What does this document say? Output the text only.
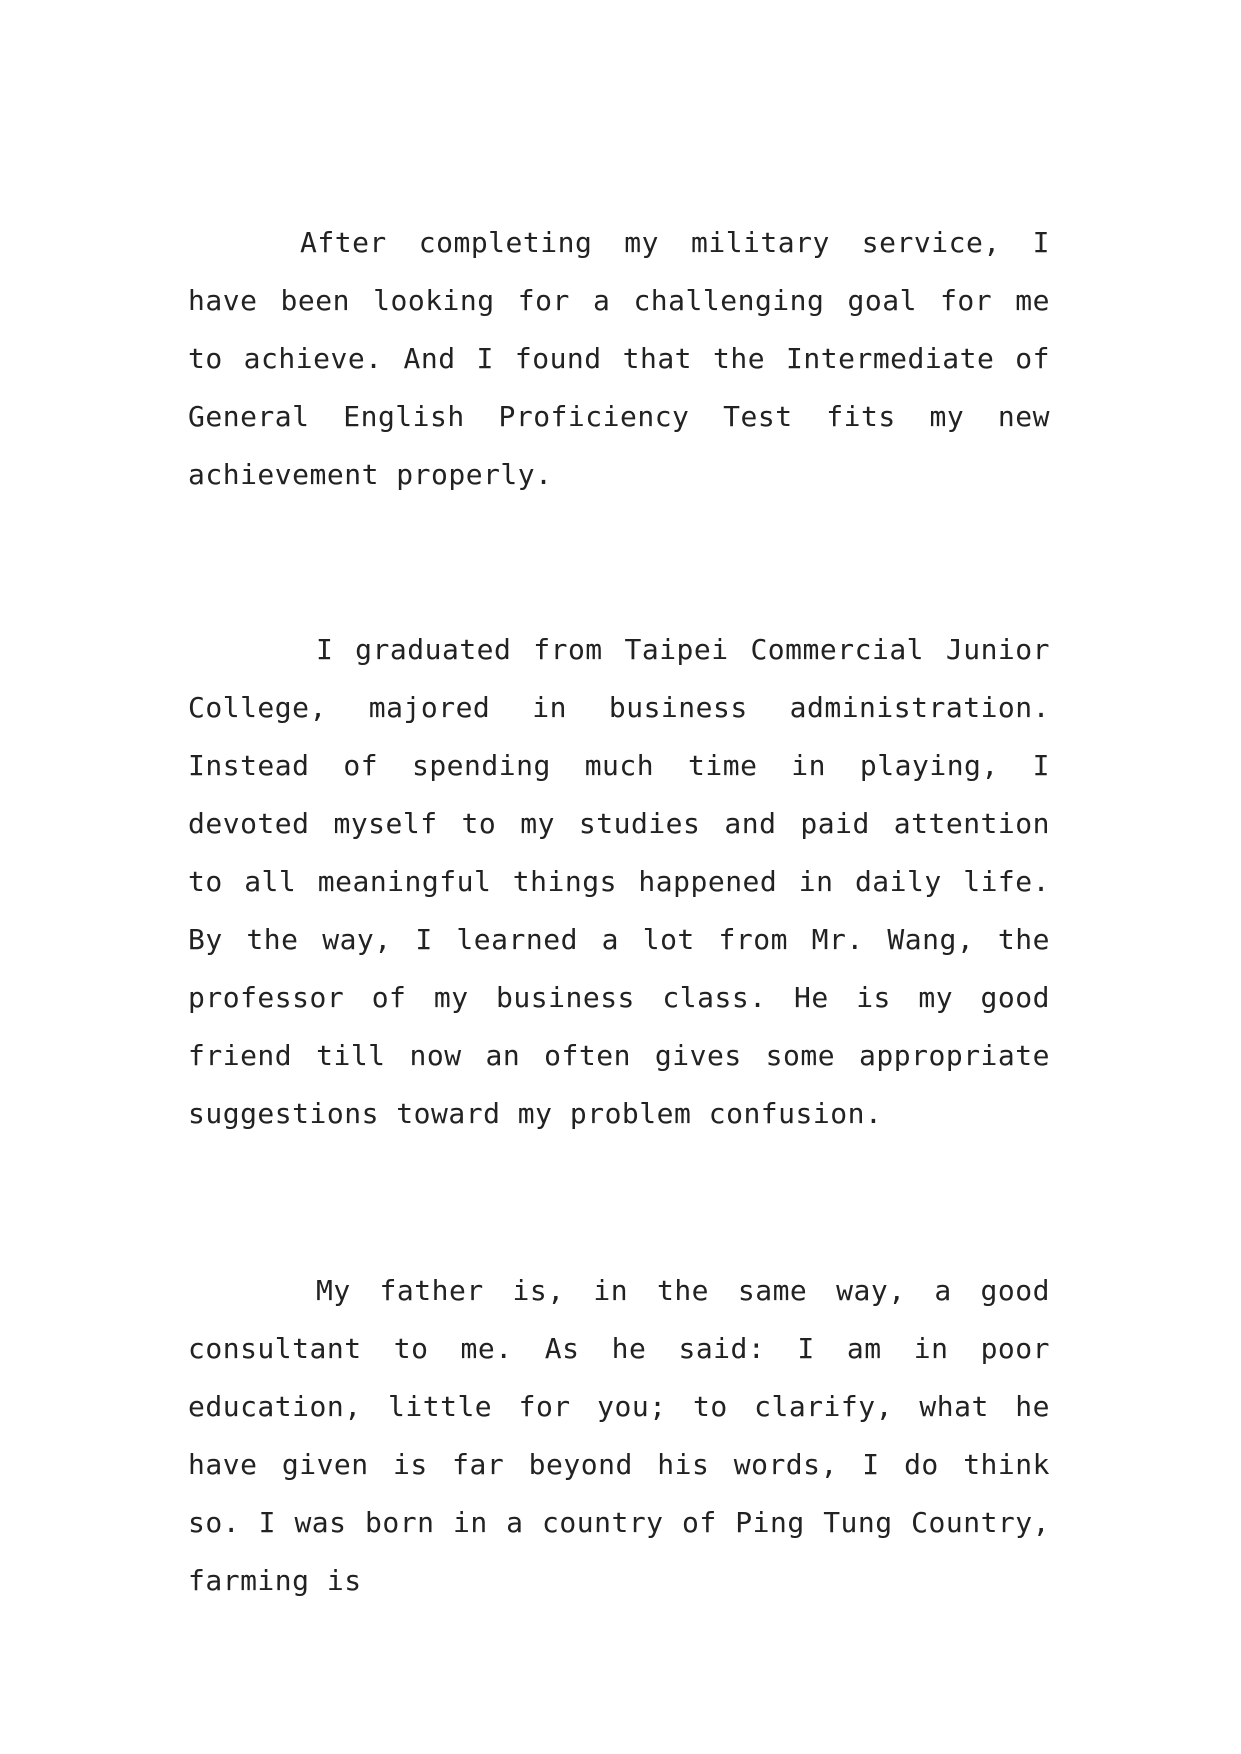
After completing my military service, I have been looking for a challenging goal for me to achieve. And I found that the Intermediate of General English Proficiency Test fits my new achievement properly.

I graduated from Taipei Commercial Junior College, majored in business administration. Instead of spending much time in playing, I devoted myself to my studies and paid attention to all meaningful things happened in daily life. By the way, I learned a lot from Mr. Wang, the professor of my business class. He is my good friend till now an often gives some appropriate suggestions toward my problem confusion.

My father is, in the same way, a good consultant to me. As he said: I am in poor education, little for you; to clarify, what he have given is far beyond his words, I do think so. I was born in a country of Ping Tung Country, farming is
